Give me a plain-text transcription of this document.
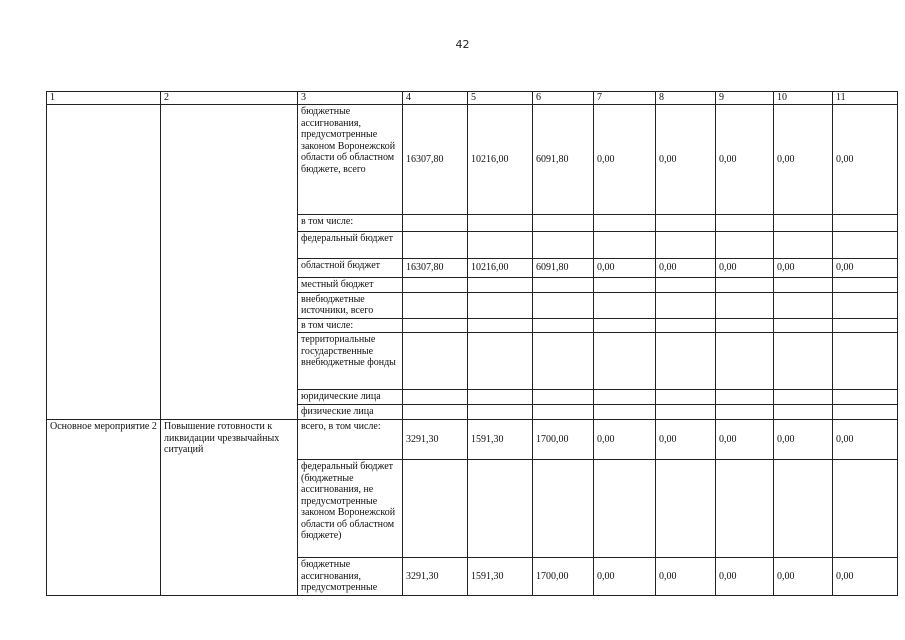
42
1	2	3	4	5	6	7	8	9	10	11
		бюджетные ассигнования, предусмотренные законом Воронежской области об областном бюджете, всего	16307,80	10216,00	6091,80	0,00	0,00	0,00	0,00	0,00
		в том числе:								
		федеральный бюджет								
		областной бюджет	16307,80	10216,00	6091,80	0,00	0,00	0,00	0,00	0,00
		местный бюджет								
		внебюджетные источники, всего								
		в том числе:								
		территориальные государственные внебюджетные фонды								
		юридические лица								
		физические лица								
Основное мероприятие 2	Повышение готовности к ликвидации чрезвычайных ситуаций	всего, в том числе:	3291,30	1591,30	1700,00	0,00	0,00	0,00	0,00	0,00
		федеральный бюджет (бюджетные ассигнования, не предусмотренные законом Воронежской области об областном бюджете)								
		бюджетные ассигнования, предусмотренные	3291,30	1591,30	1700,00	0,00	0,00	0,00	0,00	0,00
